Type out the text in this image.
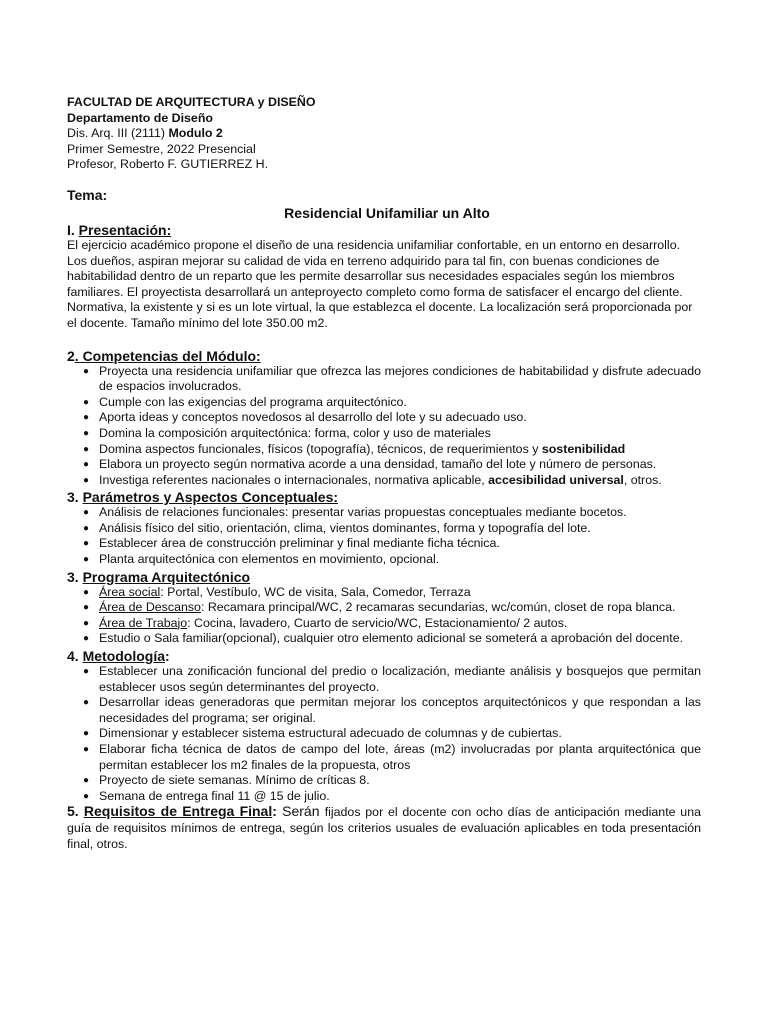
FACULTAD DE ARQUITECTURA y DISEÑO
Departamento de Diseño
Dis. Arq. III (2111) Modulo 2
Primer Semestre, 2022 Presencial
Profesor, Roberto F. GUTIERREZ H.
Tema:
Residencial Unifamiliar un Alto
I. Presentación:

El ejercicio académico propone el diseño de una residencia unifamiliar confortable, en un entorno en desarrollo. Los dueños, aspiran mejorar su calidad de vida en terreno adquirido para tal fin, con buenas condiciones de habitabilidad dentro de un reparto que les permite desarrollar sus necesidades espaciales según los miembros familiares. El proyectista desarrollará un anteproyecto completo como forma de satisfacer el encargo del cliente. Normativa, la existente y si es un lote virtual, la que establezca el docente. La localización será proporcionada por el docente. Tamaño mínimo del lote 350.00 m2.

2. Competencias del Módulo:
● Proyecta una residencia unifamiliar que ofrezca las mejores condiciones de habitabilidad y disfrute adecuado de espacios involucrados.
● Cumple con las exigencias del programa arquitectónico.
● Aporta ideas y conceptos novedosos al desarrollo del lote y su adecuado uso.
● Domina la composición arquitectónica: forma, color y uso de materiales
● Domina aspectos funcionales, físicos (topografía), técnicos, de requerimientos y sostenibilidad
● Elabora un proyecto según normativa acorde a una densidad, tamaño del lote y número de personas.
● Investiga referentes nacionales o internacionales, normativa aplicable, accesibilidad universal, otros.
3. Parámetros y Aspectos Conceptuales:
● Análisis de relaciones funcionales: presentar varias propuestas conceptuales mediante bocetos.
● Análisis físico del sitio, orientación, clima, vientos dominantes, forma y topografía del lote.
● Establecer área de construcción preliminar y final mediante ficha técnica.
● Planta arquitectónica con elementos en movimiento, opcional.
3. Programa Arquitectónico
● Área social: Portal, Vestíbulo, WC de visita, Sala, Comedor, Terraza
● Área de Descanso: Recamara principal/WC, 2 recamaras secundarias, wc/común, closet de ropa blanca.
● Área de Trabajo: Cocina, lavadero, Cuarto de servicio/WC, Estacionamiento/ 2 autos.
● Estudio o Sala familiar(opcional), cualquier otro elemento adicional se someterá a aprobación del docente.
4. Metodología:
● Establecer una zonificación funcional del predio o localización, mediante análisis y bosquejos que permitan establecer usos según determinantes del proyecto.
● Desarrollar ideas generadoras que permitan mejorar los conceptos arquitectónicos y que respondan a las necesidades del programa; ser original.
● Dimensionar y establecer sistema estructural adecuado de columnas y de cubiertas.
● Elaborar ficha técnica de datos de campo del lote, áreas (m2) involucradas por planta arquitectónica que permitan establecer los m2 finales de la propuesta, otros
● Proyecto de siete semanas. Mínimo de críticas 8.
● Semana de entrega final 11 @ 15 de julio.

5. Requisitos de Entrega Final: Serán fijados por el docente con ocho días de anticipación mediante una guía de requisitos mínimos de entrega, según los criterios usuales de evaluación aplicables en toda presentación final, otros.
